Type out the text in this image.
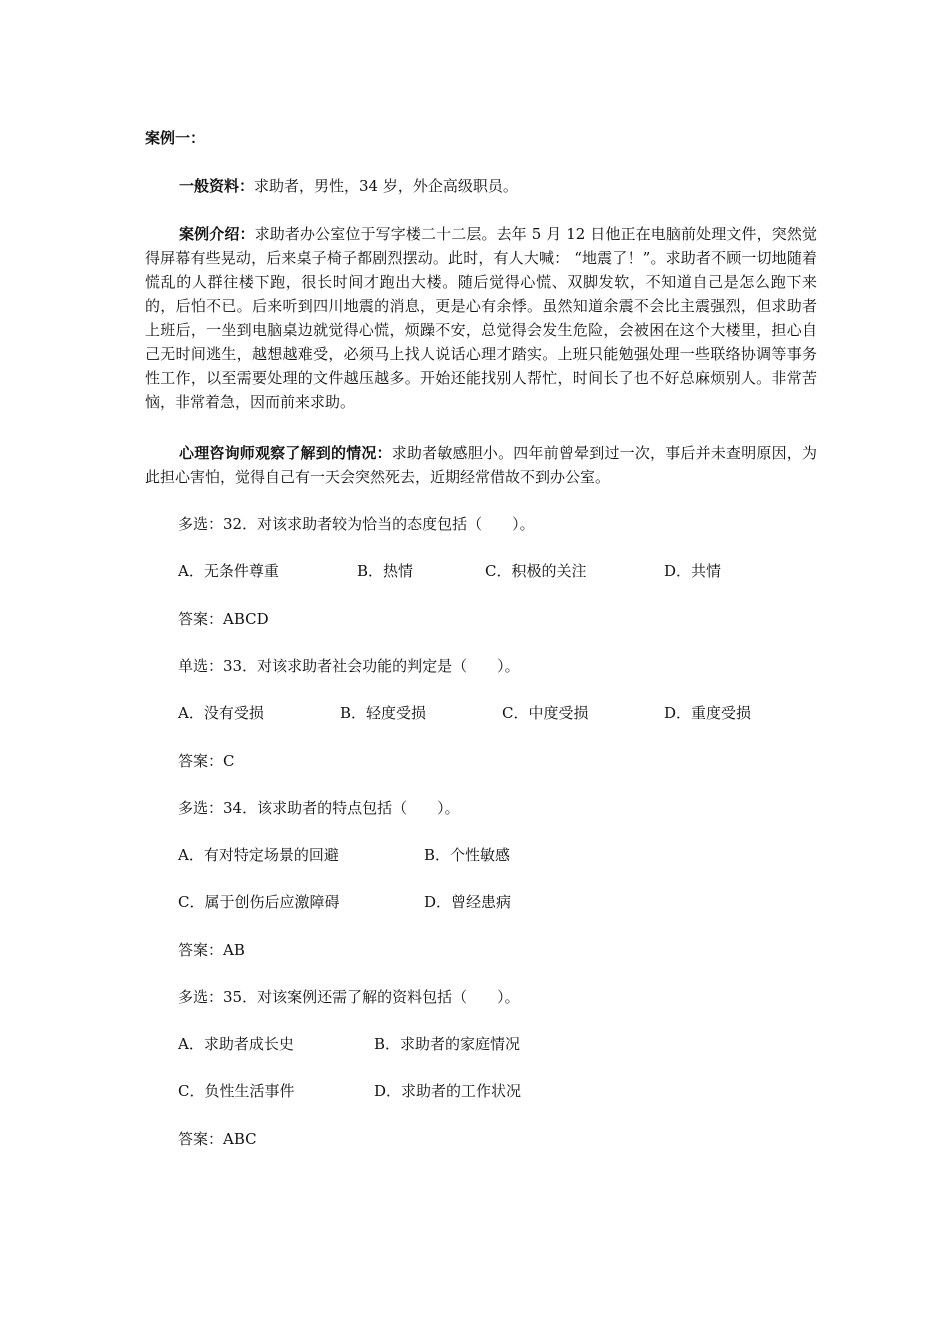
案例一：

一般资料：求助者，男性，34 岁，外企高级职员。

案例介绍：求助者办公室位于写字楼二十二层。去年 5 月 12 日他正在电脑前处理文件，突然觉得屏幕有些晃动，后来桌子椅子都剧烈摆动。此时，有人大喊： “地震了！”。求助者不顾一切地随着慌乱的人群往楼下跑，很长时间才跑出大楼。随后觉得心慌、双脚发软，不知道自己是怎么跑下来的，后怕不已。后来听到四川地震的消息，更是心有余悸。虽然知道余震不会比主震强烈，但求助者上班后，一坐到电脑桌边就觉得心慌，烦躁不安，总觉得会发生危险，会被困在这个大楼里，担心自己无时间逃生，越想越难受，必须马上找人说话心理才踏实。上班只能勉强处理一些联络协调等事务性工作，以至需要处理的文件越压越多。开始还能找别人帮忙，时间长了也不好总麻烦别人。非常苦恼，非常着急，因而前来求助。

心理咨询师观察了解到的情况：求助者敏感胆小。四年前曾晕到过一次，事后并未查明原因，为此担心害怕，觉得自己有一天会突然死去，近期经常借故不到办公室。

多选：32．对该求助者较为恰当的态度包括（　　）。
A．无条件尊重	B．热情	C．积极的关注	D．共情
答案：ABCD
单选：33．对该求助者社会功能的判定是（　　）。
A．没有受损	B．轻度受损	C．中度受损	D．重度受损
答案：C
多选：34．该求助者的特点包括（　　）。
A．有对特定场景的回避	B．个性敏感
C．属于创伤后应激障碍	D．曾经患病
答案：AB
多选：35．对该案例还需了解的资料包括（　　）。
A．求助者成长史	B．求助者的家庭情况
C．负性生活事件	D．求助者的工作状况
答案：ABC
